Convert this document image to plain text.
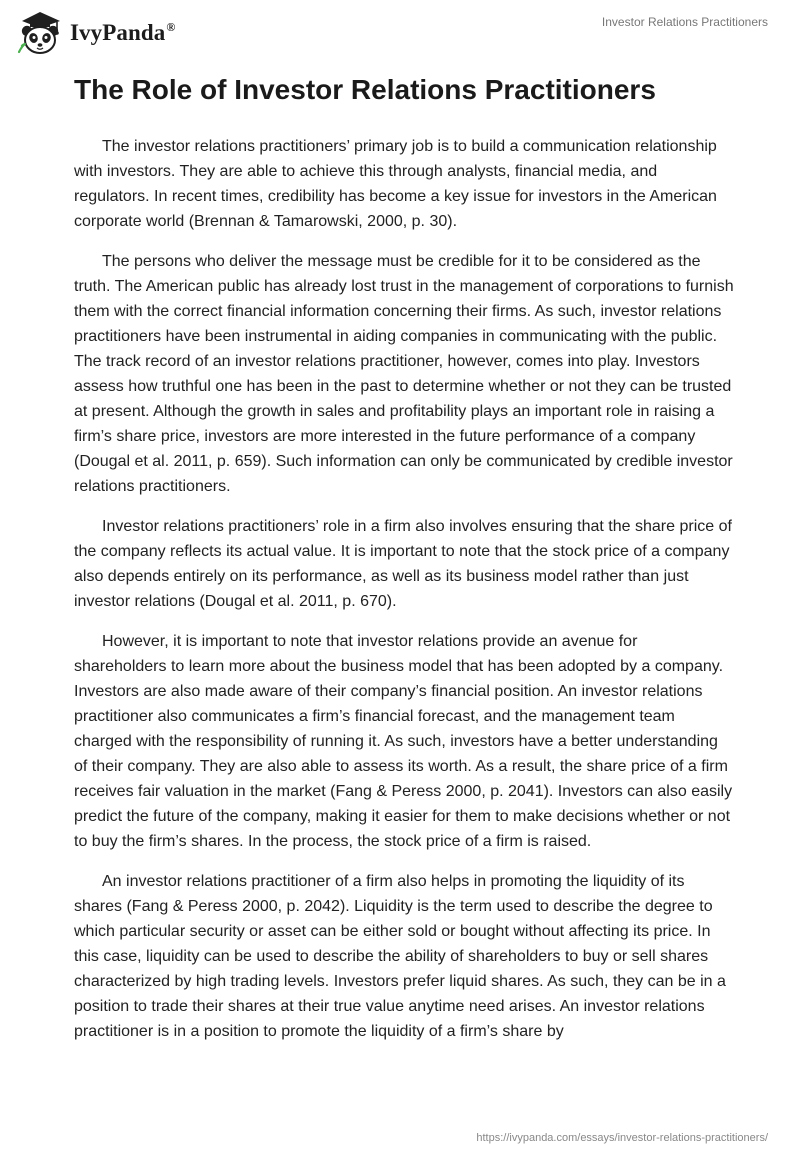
IvyPanda®	Investor Relations Practitioners
The Role of Investor Relations Practitioners

The investor relations practitioners’ primary job is to build a communication relationship with investors. They are able to achieve this through analysts, financial media, and regulators. In recent times, credibility has become a key issue for investors in the American corporate world (Brennan & Tamarowski, 2000, p. 30).

The persons who deliver the message must be credible for it to be considered as the truth. The American public has already lost trust in the management of corporations to furnish them with the correct financial information concerning their firms. As such, investor relations practitioners have been instrumental in aiding companies in communicating with the public. The track record of an investor relations practitioner, however, comes into play. Investors assess how truthful one has been in the past to determine whether or not they can be trusted at present. Although the growth in sales and profitability plays an important role in raising a firm’s share price, investors are more interested in the future performance of a company (Dougal et al. 2011, p. 659). Such information can only be communicated by credible investor relations practitioners.

Investor relations practitioners’ role in a firm also involves ensuring that the share price of the company reflects its actual value. It is important to note that the stock price of a company also depends entirely on its performance, as well as its business model rather than just investor relations (Dougal et al. 2011, p. 670).

However, it is important to note that investor relations provide an avenue for shareholders to learn more about the business model that has been adopted by a company. Investors are also made aware of their company’s financial position. An investor relations practitioner also communicates a firm’s financial forecast, and the management team charged with the responsibility of running it. As such, investors have a better understanding of their company. They are also able to assess its worth. As a result, the share price of a firm receives fair valuation in the market (Fang & Peress 2000, p. 2041). Investors can also easily predict the future of the company, making it easier for them to make decisions whether or not to buy the firm’s shares. In the process, the stock price of a firm is raised.

An investor relations practitioner of a firm also helps in promoting the liquidity of its shares (Fang & Peress 2000, p. 2042). Liquidity is the term used to describe the degree to which particular security or asset can be either sold or bought without affecting its price. In this case, liquidity can be used to describe the ability of shareholders to buy or sell shares characterized by high trading levels. Investors prefer liquid shares. As such, they can be in a position to trade their shares at their true value anytime need arises. An investor relations practitioner is in a position to promote the liquidity of a firm’s share by

https://ivypanda.com/essays/investor-relations-practitioners/
